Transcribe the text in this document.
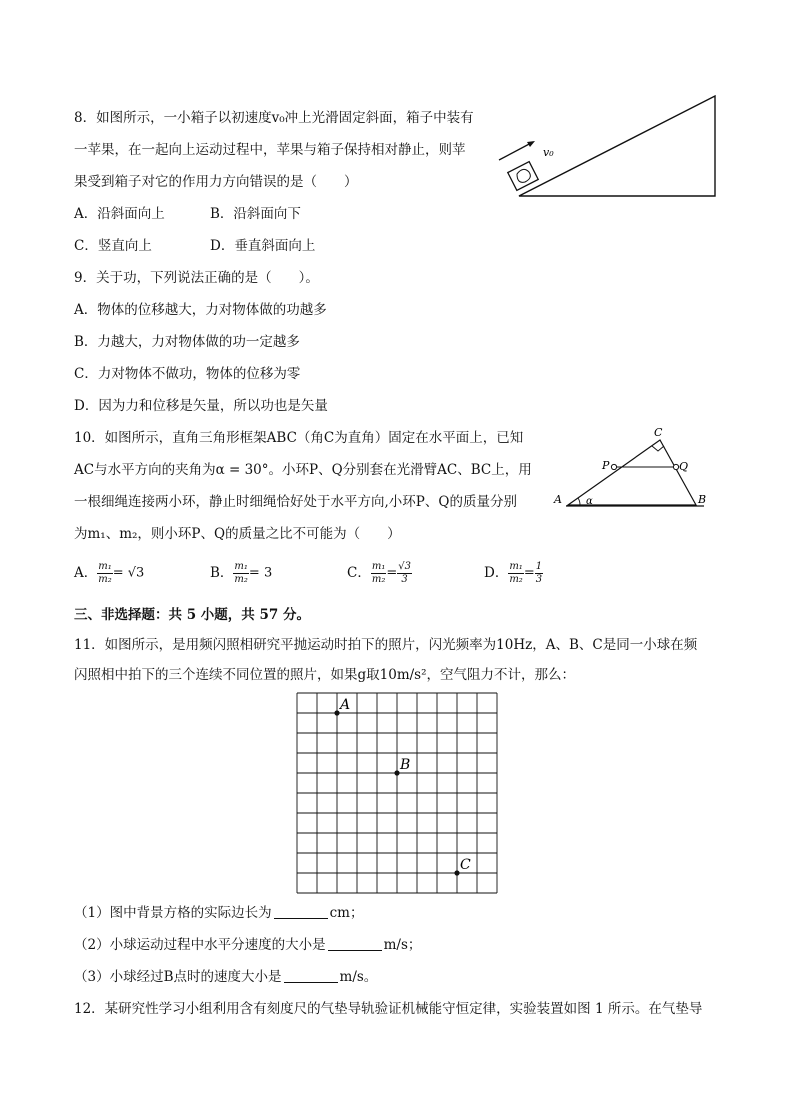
8．如图所示，一小箱子以初速度v₀冲上光滑固定斜面，箱子中装有
一苹果，在一起向上运动过程中，苹果与箱子保持相对静止，则苹
果受到箱子对它的作用力方向错误的是（　　）
A．沿斜面向上	B．沿斜面向下
C．竖直向上	D．垂直斜面向上
v₀
9．关于功，下列说法正确的是（　　）。
A．物体的位移越大，力对物体做的功越多
B．力越大，力对物体做的功一定越多
C．力对物体不做功，物体的位移为零
D．因为力和位移是矢量，所以功也是矢量
10．如图所示，直角三角形框架ABC（角C为直角）固定在水平面上，已知
AC与水平方向的夹角为α = 30°。小环P、Q分别套在光滑臂AC、BC上，用
一根细绳连接两小环，静止时细绳恰好处于水平方向,小环P、Q的质量分别
为m₁、m₂，则小环P、Q的质量之比不可能为（　　）
A	B
C
P	Q
α
A． $\frac{\text{m₁}}{\text{m₂}} = √3$	B． $\frac{\text{m₁}}{\text{m₂}} = 3$	C． $\frac{\text{m₁}}{\text{m₂}} = \frac{√3}{3}$	D． $\frac{\text{m₁}}{\text{m₂}} = \frac{1}{3}$
三、非选择题：共 5 小题，共 57 分。
11．如图所示，是用频闪照相研究平抛运动时拍下的照片，闪光频率为10Hz，A、B、C是同一小球在频
闪照相中拍下的三个连续不同位置的照片，如果g取10m/s²，空气阻力不计，那么：
A
B
C
（1）图中背景方格的实际边长为	cm；
（2）小球运动过程中水平分速度的大小是	m/s；
（3）小球经过B点时的速度大小是	m/s。
12．某研究性学习小组利用含有刻度尺的气垫导轨验证机械能守恒定律，实验装置如图 1 所示。在气垫导
